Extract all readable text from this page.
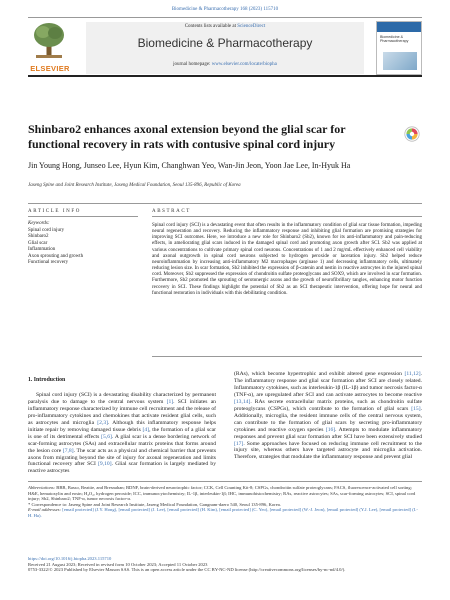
Biomedicine & Pharmacotherapy 168 (2023) 115710
ELSEVIER
Contents lists available at ScienceDirect
Biomedicine & Pharmacotherapy
journal homepage: www.elsevier.com/locate/biopha
Biomedicine & Pharmacotherapy
Shinbaro2 enhances axonal extension beyond the glial scar for functional recovery in rats with contusive spinal cord injury
Jin Young Hong, Junseo Lee, Hyun Kim, Changhwan Yeo, Wan-Jin Jeon, Yoon Jae Lee, In-Hyuk Ha
Jaseng Spine and Joint Research Institute, Jaseng Medical Foundation, Seoul 135-896, Republic of Korea
ARTICLE INFO	ABSTRACT
Keywords:
Spinal cord injury
Shinbaro2
Glial scar
Inflammation
Axon sprouting and growth
Functional recovery
Spinal cord injury (SCI) is a devastating event that often results in the inflammatory condition of glial scar tissue formation, impeding neural regeneration and recovery. Reducing the inflammatory response and inhibiting glial formation are promising strategies for improving SCI outcomes. Here, we introduce a new role for Shinbaro2 (Sb2), known for its anti-inflammatory and pain-reducing effects, in ameliorating glial scars induced in the damaged spinal cord and promoting axon growth after SCI. Sb2 was applied at various concentrations to cultivate primary spinal cord neurons. Concentrations of 1 and 2 mg/mL effectively enhanced cell viability and axonal outgrowth in spinal cord neurons subjected to hydrogen peroxide or laceration injury. Sb2 helped reduce neuroinflammation by increasing anti-inflammatory M2 macrophages (arginase 1) and decreasing inflammatory cells, ultimately reducing lesion size. In scar formation, Sb2 inhibited the expression of β-catenin and nestin in reactive astrocytes in the injured spinal cord. Moreover, Sb2 suppressed the expression of chondroitin sulfate proteoglycans and SOX9, which are involved in scar formation. Furthermore, Sb2 promoted the sprouting of serotonergic axons and the growth of neurofibrillary tangles, enhancing motor function recovery in SCI. These findings highlight the potential of Sb2 as an SCI therapeutic intervention, offering hope for neural and functional restoration in individuals with this debilitating condition.
1. Introduction

Spinal cord injury (SCI) is a devastating disability characterized by permanent paralysis due to damage to the central nervous system [1]. SCI initiates an inflammatory response characterized by immune cell recruitment and the release of pro-inflammatory cytokines and chemokines that activate resident glial cells, such as astrocytes and microglia [2,3]. Although this inflammatory response helps initiate repair by removing damaged tissue debris [4], the formation of a glial scar is one of its detrimental effects [5,6]. A glial scar is a dense bordering network of scar-forming astrocytes (SAs) and extracellular matrix proteins that forms around the lesion core [7,8]. The scar acts as a physical and chemical barrier that prevents axons from migrating beyond the site of injury for axonal regeneration and limits functional recovery after SCI [9,10]. Glial scar formation is largely mediated by reactive astrocytes

(RAs), which become hypertrophic and exhibit altered gene expression [11,12]. The inflammatory response and glial scar formation after SCI are closely related. Inflammatory cytokines, such as interleukin-1β (IL-1β) and tumor necrosis factor-α (TNF-α), are upregulated after SCI and can activate astrocytes to become reactive [13,14]. RAs secrete extracellular matrix proteins, such as chondroitin sulfate proteoglycans (CSPGs), which contribute to the formation of glial scars [15]. Additionally, microglia, the resident immune cells of the central nervous system, can contribute to the formation of glial scars by secreting pro-inflammatory cytokines and reactive oxygen species [16]. Attempts to modulate inflammatory responses and prevent glial scar formation after SCI have been extensively studied [17]. Some approaches have focused on reducing immune cell recruitment to the injury site, whereas others have targeted astrocyte and microglia activation. Therefore, strategies that modulate the inflammatory response and prevent glial

Abbreviations: BBB, Basso, Beattie, and Bresnahan; BDNF, brain-derived neurotrophic factor; CCK, Cell Counting Kit-8; CSPGs, chondroitin sulfate proteoglycans; FACS, fluorescence-activated cell sorting; H&E, hematoxylin and eosin; H₂O₂, hydrogen peroxide; ICC, immunocytochemistry; IL-1β, interleukin-1β; IHC, immunohistochemistry; RAs, reactive astrocytes; SAs, scar-forming astrocytes; SCI, spinal cord injury; Sb2, Shinbaro2; TNF-α, tumor necrosis factor-α.
* Correspondence to: Jaseng Spine and Joint Research Institute, Jaseng Medical Foundation, Gangnam-daero 540, Seoul 135-896, Korea.
E-mail addresses: [email protected] (J.Y. Hong), [email protected] (J. Lee), [email protected] (H. Kim), [email protected] (C. Yeo), [email protected] (W.-J. Jeon), [email protected] (Y.J. Lee), [email protected] (I.-H. Ha).
https://doi.org/10.1016/j.biopha.2023.115710
Received 21 August 2023; Received in revised form 10 October 2023; Accepted 11 October 2023
0753-3322/© 2023 Published by Elsevier Masson SAS. This is an open access article under the CC BY-NC-ND license (http://creativecommons.org/licenses/by-nc-nd/4.0/).
